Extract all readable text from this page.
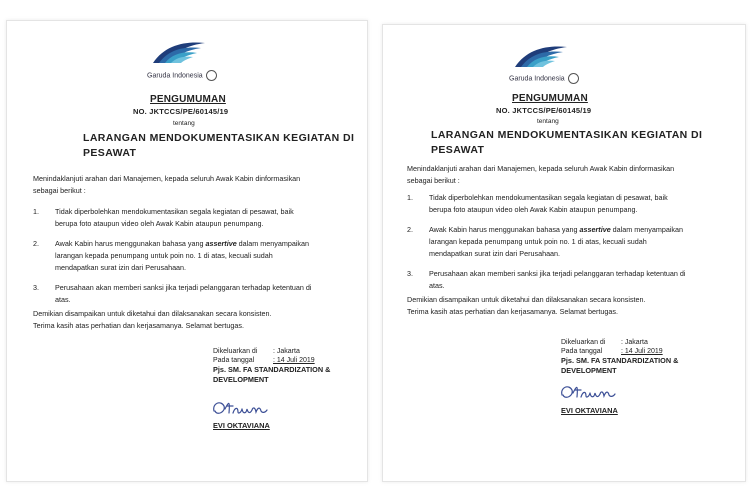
Garuda Indonesia
PENGUMUMAN
NO. JKTCCS/PE/60145/19
tentang
LARANGAN MENDOKUMENTASIKAN KEGIATAN DI
PESAWAT
Menindaklanjuti arahan dari Manajemen, kepada seluruh Awak Kabin dinformasikan
sebagai berikut :
1. Tidak diperbolehkan mendokumentasikan segala kegiatan di pesawat, baik
berupa foto ataupun video oleh Awak Kabin ataupun penumpang.
2. Awak Kabin harus menggunakan bahasa yang assertive dalam menyampaikan
larangan kepada penumpang untuk poin no. 1 di atas, kecuali sudah
mendapatkan surat izin dari Perusahaan.
3. Perusahaan akan memberi sanksi jika terjadi pelanggaran terhadap ketentuan di
atas.
Demikian disampaikan untuk diketahui dan dilaksanakan secara konsisten.
Terima kasih atas perhatian dan kerjasamanya. Selamat bertugas.
Dikeluarkan di : Jakarta
Pada tanggal	: 14 Juli 2019
Pjs. SM. FA STANDARDIZATION &
DEVELOPMENT
EVI OKTAVIANA
Garuda Indonesia
PENGUMUMAN
NO. JKTCCS/PE/60145/19
tentang
LARANGAN MENDOKUMENTASIKAN KEGIATAN DI
PESAWAT
Menindaklanjuti arahan dari Manajemen, kepada seluruh Awak Kabin dinformasikan
sebagai berikut :
1. Tidak diperbolehkan mendokumentasikan segala kegiatan di pesawat, baik
berupa foto ataupun video oleh Awak Kabin ataupun penumpang.
2. Awak Kabin harus menggunakan bahasa yang assertive dalam menyampaikan
larangan kepada penumpang untuk poin no. 1 di atas, kecuali sudah
mendapatkan surat izin dari Perusahaan.
3. Perusahaan akan memberi sanksi jika terjadi pelanggaran terhadap ketentuan di
atas.
Demikian disampaikan untuk diketahui dan dilaksanakan secara konsisten.
Terima kasih atas perhatian dan kerjasamanya. Selamat bertugas.
Dikeluarkan di : Jakarta
Pada tanggal	: 14 Juli 2019
Pjs. SM. FA STANDARDIZATION &
DEVELOPMENT
EVI OKTAVIANA
